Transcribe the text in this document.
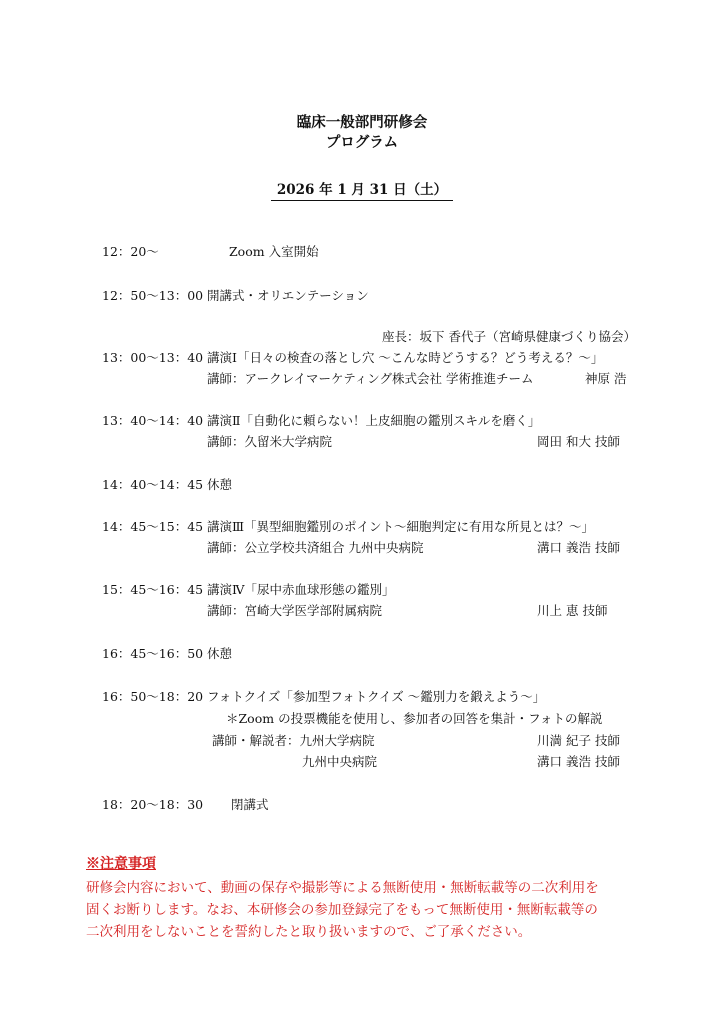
臨床一般部門研修会
プログラム
2026 年 1 月 31 日（土）
12：20〜	Zoom 入室開始
12：50〜13：00 開講式・オリエンテーション
座長：坂下 香代子（宮崎県健康づくり協会）
13：00〜13：40 講演Ⅰ「日々の検査の落とし穴 〜こんな時どうする？どう考える？〜」
講師：アークレイマーケティング株式会社 学術推進チーム	神原 浩
13：40〜14：40 講演Ⅱ「自動化に頼らない！上皮細胞の鑑別スキルを磨く」
講師：久留米大学病院	岡田 和大 技師
14：40〜14：45 休憩
14：45〜15：45 講演Ⅲ「異型細胞鑑別のポイント〜細胞判定に有用な所見とは？〜」
講師：公立学校共済組合 九州中央病院	溝口 義浩 技師
15：45〜16：45 講演Ⅳ「尿中赤血球形態の鑑別」
講師：宮崎大学医学部附属病院	川上 恵 技師
16：45〜16：50 休憩
16：50〜18：20 フォトクイズ「参加型フォトクイズ 〜鑑別力を鍛えよう〜」
＊Zoom の投票機能を使用し、参加者の回答を集計・フォトの解説
講師・解説者：九州大学病院	川満 紀子 技師
九州中央病院	溝口 義浩 技師
18：20〜18：30 閉講式
※注意事項
研修会内容において、動画の保存や撮影等による無断使用・無断転載等の二次利用を
固くお断りします。なお、本研修会の参加登録完了をもって無断使用・無断転載等の
二次利用をしないことを誓約したと取り扱いますので、ご了承ください。
